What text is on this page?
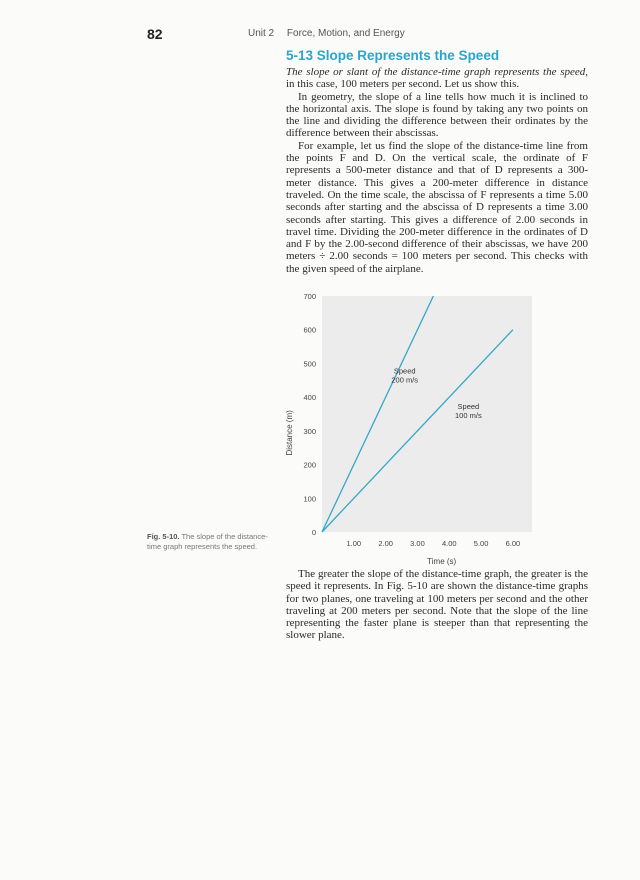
82	Unit 2 Force, Motion, and Energy
5-13 Slope Represents the Speed

The slope or slant of the distance-time graph represents the speed, in this case, 100 meters per second. Let us show this.

In geometry, the slope of a line tells how much it is inclined to the horizontal axis. The slope is found by taking any two points on the line and dividing the difference between their ordinates by the difference between their abscissas.

For example, let us find the slope of the distance-time line from the points F and D. On the vertical scale, the ordinate of F represents a 500-meter distance and that of D represents a 300-meter distance. This gives a 200-meter difference in distance traveled. On the time scale, the abscissa of F represents a time 5.00 seconds after starting and the abscissa of D represents a time 3.00 seconds after starting. This gives a difference of 2.00 seconds in travel time. Dividing the 200-meter difference in the ordinates of D and F by the 2.00-second difference of their abscissas, we have 200 meters ÷ 2.00 seconds = 100 meters per second. This checks with the given speed of the airplane.

0
100
200
300
400
500
600
700
1.00 2.00 3.00 4.00 5.00 6.00
Speed
200 m/s
Speed
100 m/s
Distance (m)
Time (s)
Fig. 5-10. The slope of the distance-time graph represents the speed.

The greater the slope of the distance-time graph, the greater is the speed it represents. In Fig. 5-10 are shown the distance-time graphs for two planes, one traveling at 100 meters per second and the other traveling at 200 meters per second. Note that the slope of the line representing the faster plane is steeper than that representing the slower plane.
